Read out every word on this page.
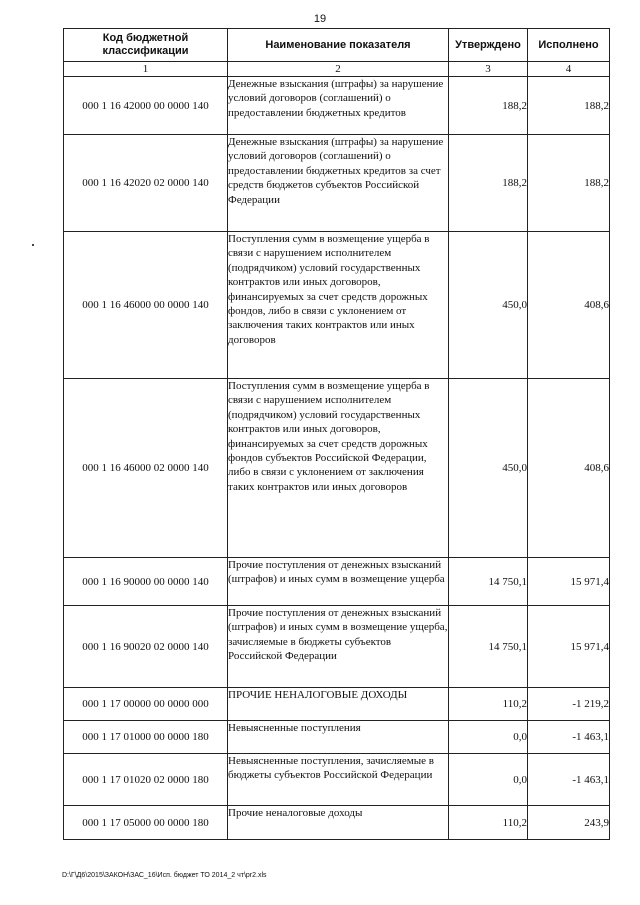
19
Код бюджетной классификации	Наименование показателя	Утверждено	Исполнено
1	2	3	4
000 1 16 42000 00 0000 140	Денежные взыскания (штрафы) за нарушение условий договоров (соглашений) о предоставлении бюджетных кредитов	188,2	188,2
000 1 16 42020 02 0000 140	Денежные взыскания (штрафы) за нарушение условий договоров (соглашений) о предоставлении бюджетных кредитов за счет средств бюджетов субъектов Российской Федерации	188,2	188,2
000 1 16 46000 00 0000 140	Поступления сумм в возмещение ущерба в связи с нарушением исполнителем (подрядчиком) условий государственных контрактов или иных договоров, финансируемых за счет средств дорожных фондов, либо в связи с уклонением от заключения таких контрактов или иных договоров	450,0	408,6
000 1 16 46000 02 0000 140	Поступления сумм в возмещение ущерба в связи с нарушением исполнителем (подрядчиком) условий государственных контрактов или иных договоров, финансируемых за счет средств дорожных фондов субъектов Российской Федерации, либо в связи с уклонением от заключения таких контрактов или иных договоров	450,0	408,6
000 1 16 90000 00 0000 140	Прочие поступления от денежных взысканий (штрафов) и иных сумм в возмещение ущерба	14 750,1	15 971,4
000 1 16 90020 02 0000 140	Прочие поступления от денежных взысканий (штрафов) и иных сумм в возмещение ущерба, зачисляемые в бюджеты субъектов Российской Федерации	14 750,1	15 971,4
000 1 17 00000 00 0000 000	ПРОЧИЕ НЕНАЛОГОВЫЕ ДОХОДЫ	110,2	-1 219,2
000 1 17 01000 00 0000 180	Невыясненные поступления	0,0	-1 463,1
000 1 17 01020 02 0000 180	Невыясненные поступления, зачисляемые в бюджеты субъектов Российской Федерации	0,0	-1 463,1
000 1 17 05000 00 0000 180	Прочие неналоговые доходы	110,2	243,9
D:\Г\Д6\2015\ЗАКОН\ЗАС_16\Исп. бюджет ТО 2014_2 чт\pr2.xls
